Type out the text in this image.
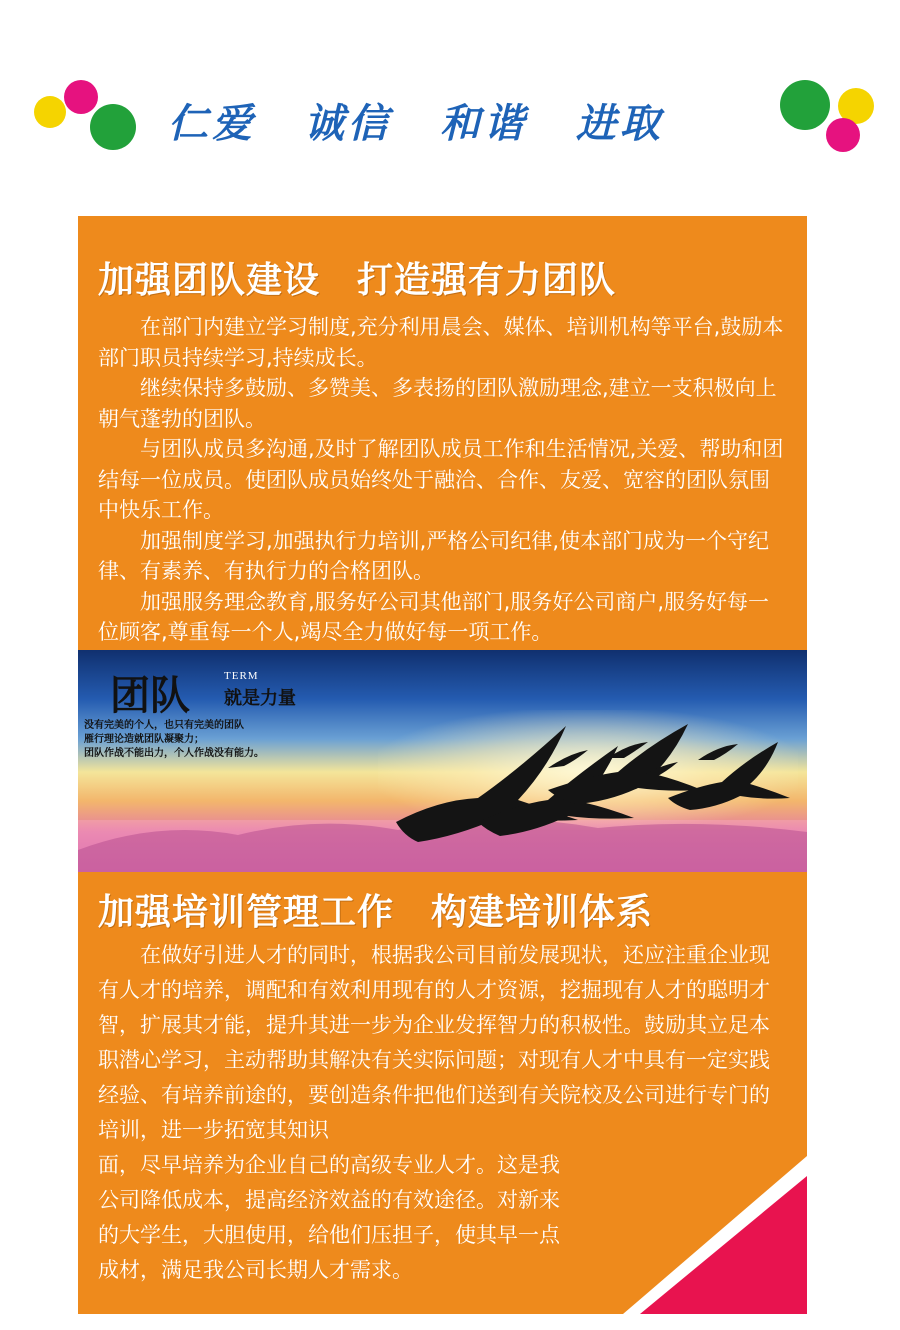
仁爱 诚信 和谐 进取
加强团队建设　打造强有力团队

在部门内建立学习制度,充分利用晨会、媒体、培训机构等平台,鼓励本部门职员持续学习,持续成长。

继续保持多鼓励、多赞美、多表扬的团队激励理念,建立一支积极向上朝气蓬勃的团队。

与团队成员多沟通,及时了解团队成员工作和生活情况,关爱、帮助和团结每一位成员。使团队成员始终处于融洽、合作、友爱、宽容的团队氛围中快乐工作。

加强制度学习,加强执行力培训,严格公司纪律,使本部门成为一个守纪律、有素养、有执行力的合格团队。

加强服务理念教育,服务好公司其他部门,服务好公司商户,服务好每一位顾客,尊重每一个人,竭尽全力做好每一项工作。

团队	TERM
就是力量
没有完美的个人，也只有完美的团队
雁行理论造就团队凝聚力；
团队作战不能出力，个人作战没有能力。
加强培训管理工作　构建培训体系

在做好引进人才的同时，根据我公司目前发展现状，还应注重企业现有人才的培养，调配和有效利用现有的人才资源，挖掘现有人才的聪明才智，扩展其才能，提升其进一步为企业发挥智力的积极性。鼓励其立足本职潜心学习，主动帮助其解决有关实际问题；对现有人才中具有一定实践经验、有培养前途的，要创造条件把他们送到有关院校及公司进行专门的培训，进一步拓宽其知识

面，尽早培养为企业自己的高级专业人才。这是我
公司降低成本，提高经济效益的有效途径。对新来
的大学生，大胆使用，给他们压担子，使其早一点
成材，满足我公司长期人才需求。
